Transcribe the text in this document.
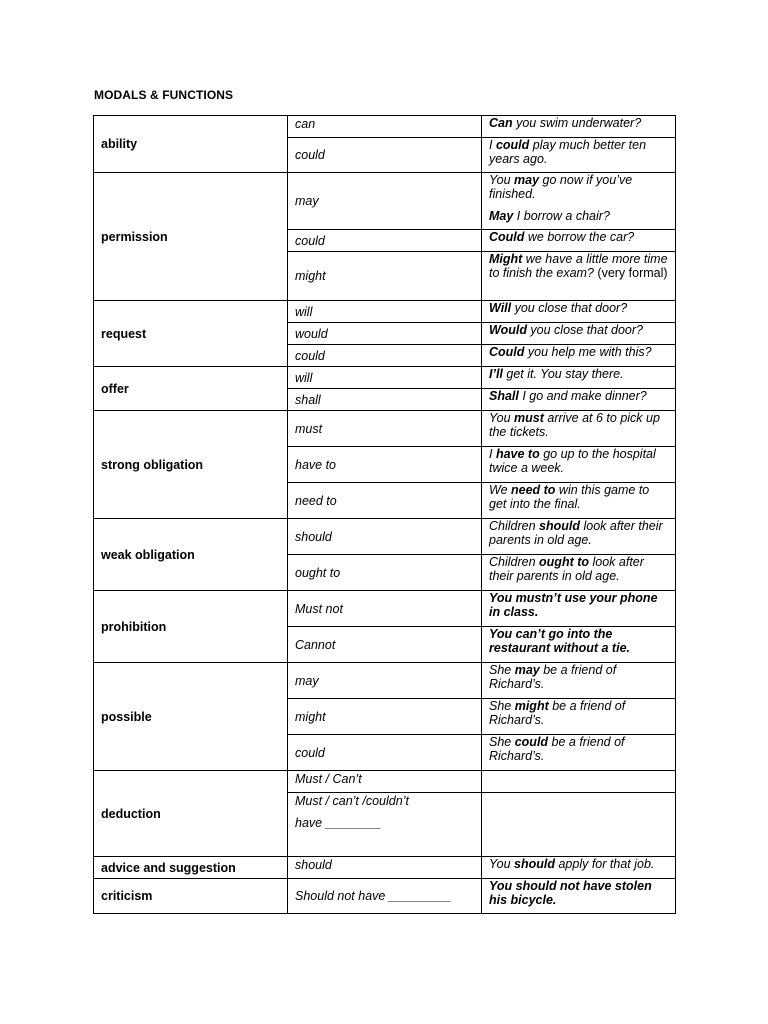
MODALS & FUNCTIONS
ability	can	Can you swim underwater?
	could	I could play much better ten years ago.
permission	may	You may go now if you’ve finished.
May I borrow a chair?
	could	Could we borrow the car?
	might	Might we have a little more time to finish the exam? (very formal)
request	will	Will you close that door?
	would	Would you close that door?
	could	Could you help me with this?
offer	will	I’ll get it. You stay there.
	shall	Shall I go and make dinner?
strong obligation	must	You must arrive at 6 to pick up the tickets.
	have to	I have to go up to the hospital twice a week.
	need to	We need to win this game to get into the final.
weak obligation	should	Children should look after their parents in old age.
	ought to	Children ought to look after their parents in old age.
prohibition	Must not	You mustn’t use your phone in class.
	Cannot	You can’t go into the restaurant without a tie.
possible	may	She may be a friend of Richard’s.
	might	She might be a friend of Richard’s.
	could	She could be a friend of Richard’s.
deduction	Must / Can’t	
	Must / can’t /couldn’t
have ________	
advice and suggestion	should	You should apply for that job.
criticism	Should not have _________	You should not have stolen his bicycle.
